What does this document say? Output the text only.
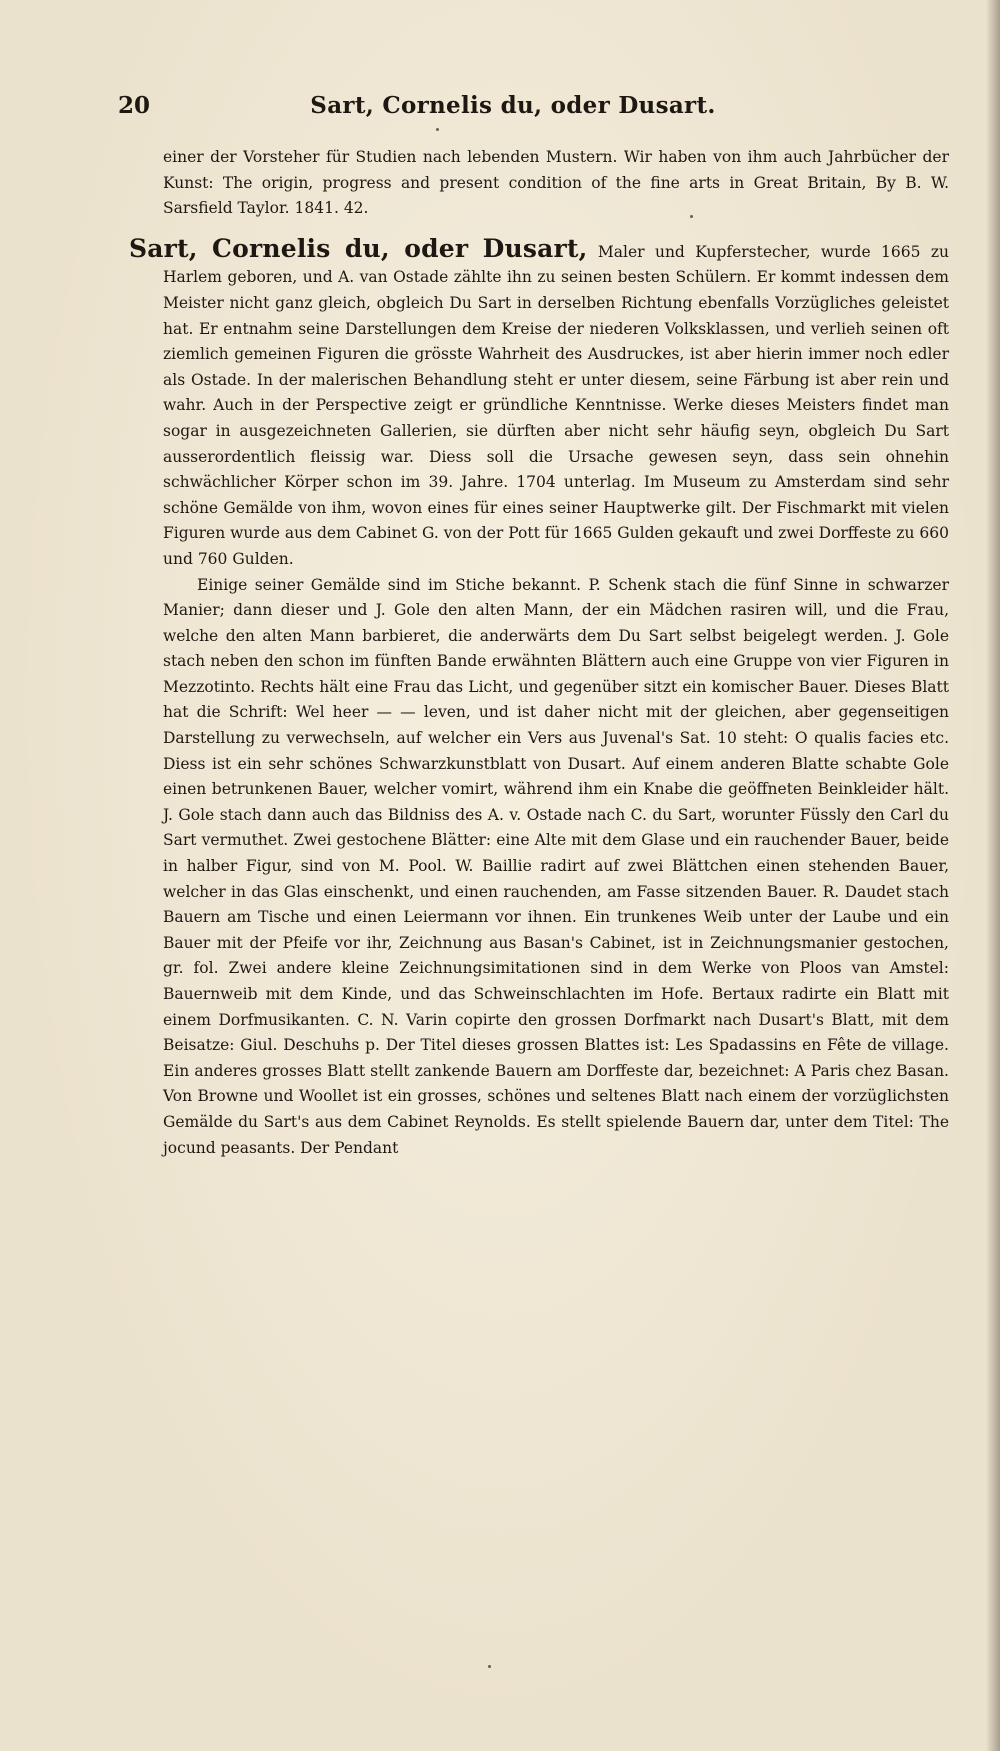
Sart, Cornelis du, oder Dusart.
20

einer der Vorsteher für Studien nach lebenden Mustern. Wir haben von ihm auch Jahrbücher der Kunst: The origin, progress and present condition of the fine arts in Great Britain, By B. W. Sarsfield Taylor. 1841. 42.

Sart, Cornelis du, oder Dusart, Maler und Kupferstecher, wurde 1665 zu Harlem geboren, und A. van Ostade zählte ihn zu seinen besten Schülern. Er kommt indessen dem Meister nicht ganz gleich, obgleich Du Sart in derselben Richtung ebenfalls Vorzügliches geleistet hat. Er entnahm seine Darstellungen dem Kreise der niederen Volksklassen, und verlieh seinen oft ziemlich gemeinen Figuren die grösste Wahrheit des Ausdruckes, ist aber hierin immer noch edler als Ostade. In der malerischen Behandlung steht er unter diesem, seine Färbung ist aber rein und wahr. Auch in der Perspective zeigt er gründliche Kenntnisse. Werke dieses Meisters findet man sogar in ausgezeichneten Gallerien, sie dürften aber nicht sehr häufig seyn, obgleich Du Sart ausserordentlich fleissig war. Diess soll die Ursache gewesen seyn, dass sein ohnehin schwächlicher Körper schon im 39. Jahre. 1704 unterlag. Im Museum zu Amsterdam sind sehr schöne Gemälde von ihm, wovon eines für eines seiner Hauptwerke gilt. Der Fischmarkt mit vielen Figuren wurde aus dem Cabinet G. von der Pott für 1665 Gulden gekauft und zwei Dorffeste zu 660 und 760 Gulden.

Einige seiner Gemälde sind im Stiche bekannt. P. Schenk stach die fünf Sinne in schwarzer Manier; dann dieser und J. Gole den alten Mann, der ein Mädchen rasiren will, und die Frau, welche den alten Mann barbieret, die anderwärts dem Du Sart selbst beigelegt werden. J. Gole stach neben den schon im fünften Bande erwähnten Blättern auch eine Gruppe von vier Figuren in Mezzotinto. Rechts hält eine Frau das Licht, und gegenüber sitzt ein komischer Bauer. Dieses Blatt hat die Schrift: Wel heer — — leven, und ist daher nicht mit der gleichen, aber gegenseitigen Darstellung zu verwechseln, auf welcher ein Vers aus Juvenal's Sat. 10 steht: O qualis facies etc. Diess ist ein sehr schönes Schwarzkunstblatt von Dusart. Auf einem anderen Blatte schabte Gole einen betrunkenen Bauer, welcher vomirt, während ihm ein Knabe die geöffneten Beinkleider hält. J. Gole stach dann auch das Bildniss des A. v. Ostade nach C. du Sart, worunter Füssly den Carl du Sart vermuthet. Zwei gestochene Blätter: eine Alte mit dem Glase und ein rauchender Bauer, beide in halber Figur, sind von M. Pool. W. Baillie radirt auf zwei Blättchen einen stehenden Bauer, welcher in das Glas einschenkt, und einen rauchenden, am Fasse sitzenden Bauer. R. Daudet stach Bauern am Tische und einen Leiermann vor ihnen. Ein trunkenes Weib unter der Laube und ein Bauer mit der Pfeife vor ihr, Zeichnung aus Basan's Cabinet, ist in Zeichnungsmanier gestochen, gr. fol. Zwei andere kleine Zeichnungsimitationen sind in dem Werke von Ploos van Amstel: Bauernweib mit dem Kinde, und das Schweinschlachten im Hofe. Bertaux radirte ein Blatt mit einem Dorfmusikanten. C. N. Varin copirte den grossen Dorfmarkt nach Dusart's Blatt, mit dem Beisatze: Giul. Deschuhs p. Der Titel dieses grossen Blattes ist: Les Spadassins en Fête de village. Ein anderes grosses Blatt stellt zankende Bauern am Dorffeste dar, bezeichnet: A Paris chez Basan. Von Browne und Woollet ist ein grosses, schönes und seltenes Blatt nach einem der vorzüglichsten Gemälde du Sart's aus dem Cabinet Reynolds. Es stellt spielende Bauern dar, unter dem Titel: The jocund peasants. Der Pendant
